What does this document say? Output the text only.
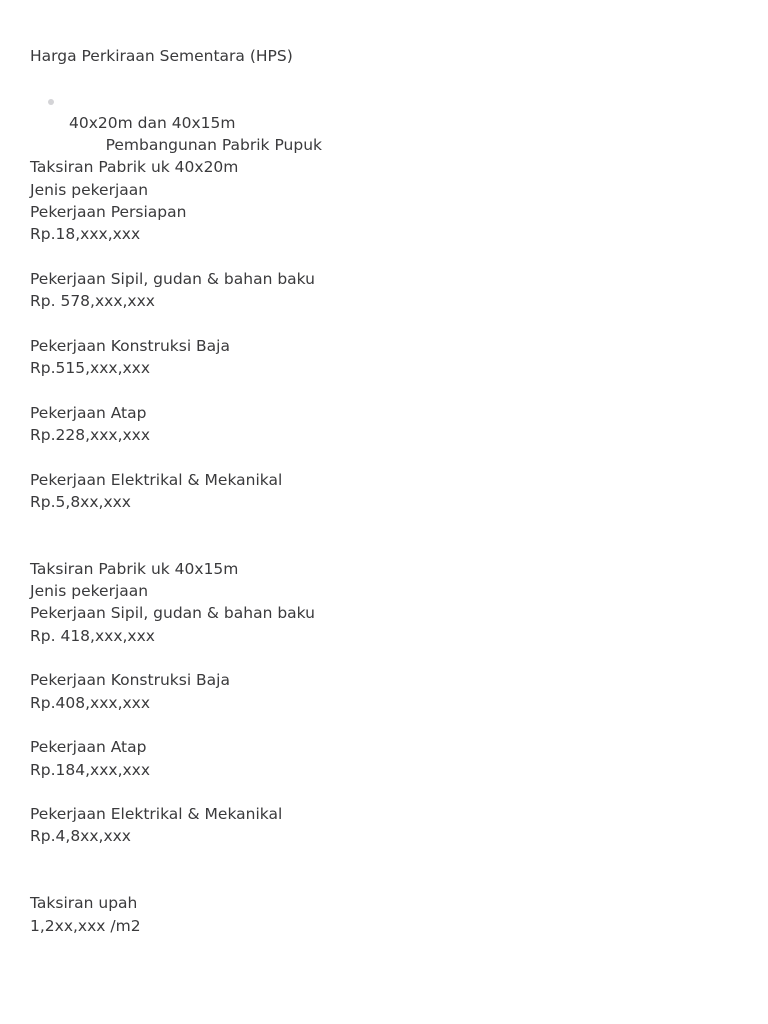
Harga Perkiraan Sementara (HPS)

Pembangunan Pabrik Pupuk

40x20m dan 40x15m
Taksiran Pabrik uk 40x20m
Jenis pekerjaan
Pekerjaan Persiapan
Rp.18,xxx,xxx
Pekerjaan Sipil, gudan & bahan baku
Rp. 578,xxx,xxx
Pekerjaan Konstruksi Baja
Rp.515,xxx,xxx
Pekerjaan Atap
Rp.228,xxx,xxx
Pekerjaan Elektrikal & Mekanikal
Rp.5,8xx,xxx
Taksiran Pabrik uk 40x15m
Jenis pekerjaan
Pekerjaan Sipil, gudan & bahan baku
Rp. 418,xxx,xxx
Pekerjaan Konstruksi Baja
Rp.408,xxx,xxx
Pekerjaan Atap
Rp.184,xxx,xxx
Pekerjaan Elektrikal & Mekanikal
Rp.4,8xx,xxx
Taksiran upah
1,2xx,xxx /m2
